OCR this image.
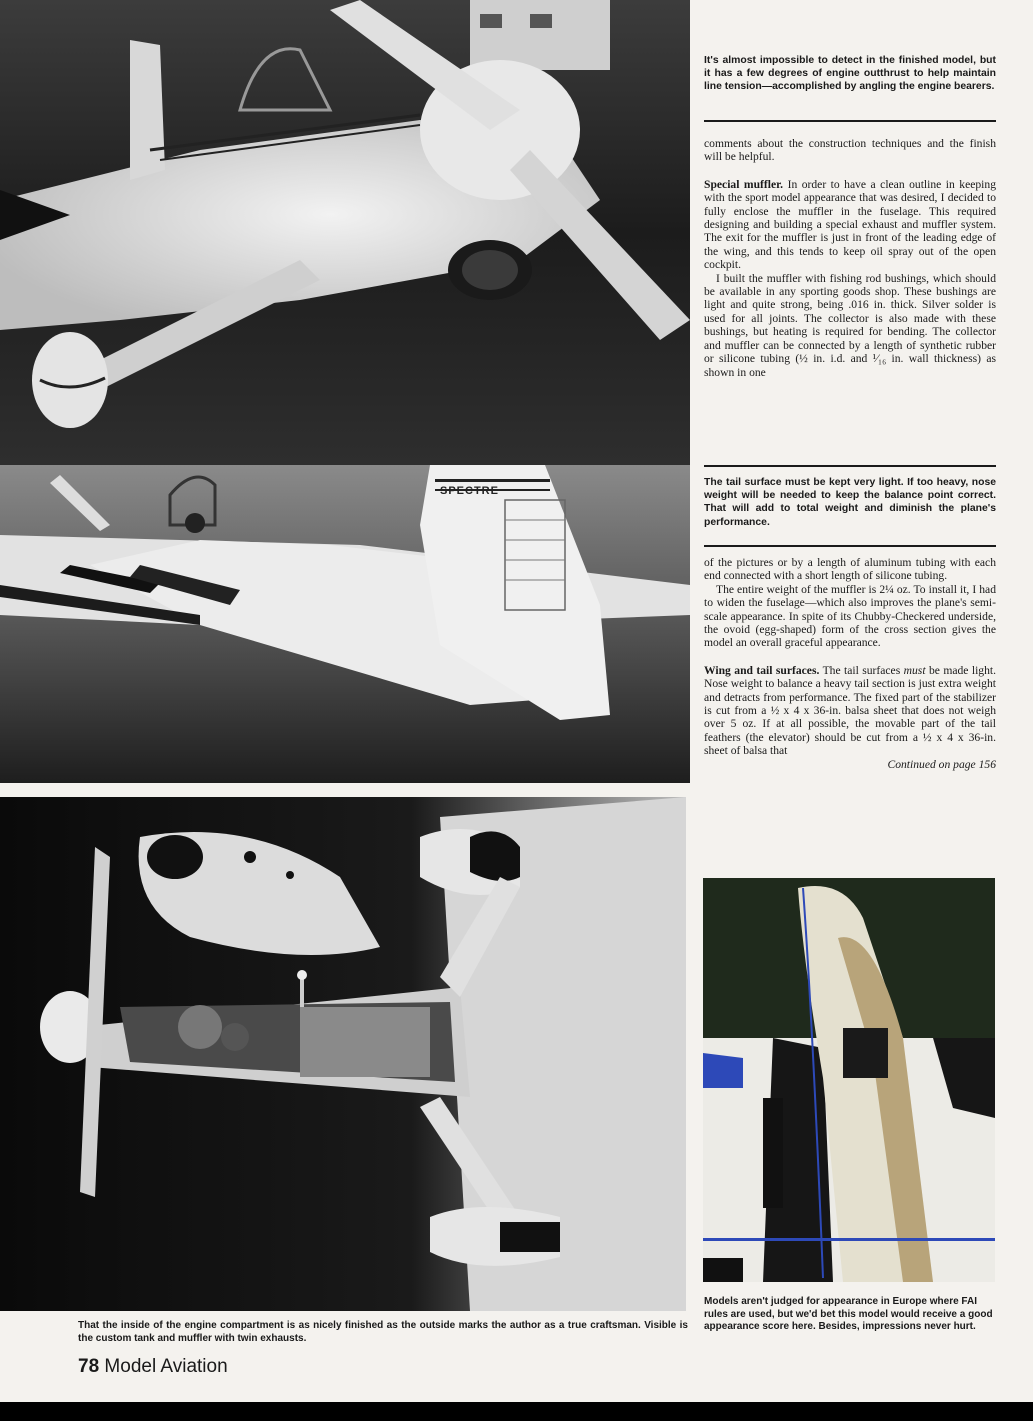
SPECTRE
It's almost impossible to detect in the finished model, but it has a few degrees of engine outthrust to help maintain line tension—accomplished by angling the engine bearers.

comments about the construction techniques and the finish will be helpful.

Special muffler. In order to have a clean outline in keeping with the sport model appearance that was desired, I decided to fully enclose the muffler in the fuselage. This required designing and building a special exhaust and muffler system. The exit for the muffler is just in front of the leading edge of the wing, and this tends to keep oil spray out of the open cockpit.

I built the muffler with fishing rod bushings, which should be available in any sporting goods shop. These bushings are light and quite strong, being .016 in. thick. Silver solder is used for all joints. The collector is also made with these bushings, but heating is required for bending. The collector and muffler can be connected by a length of synthetic rubber or silicone tubing (½ in. i.d. and ¹⁄₁₆ in. wall thickness) as shown in one

The tail surface must be kept very light. If too heavy, nose weight will be needed to keep the balance point correct. That will add to total weight and diminish the plane's performance.

of the pictures or by a length of aluminum tubing with each end connected with a short length of silicone tubing.

The entire weight of the muffler is 2¼ oz. To install it, I had to widen the fuselage—which also improves the plane's semi-scale appearance. In spite of its Chubby-Checkered underside, the ovoid (egg-shaped) form of the cross section gives the model an overall graceful appearance.

Wing and tail surfaces. The tail surfaces must be made light. Nose weight to balance a heavy tail section is just extra weight and detracts from performance. The fixed part of the stabilizer is cut from a ½ x 4 x 36-in. balsa sheet that does not weigh over 5 oz. If at all possible, the movable part of the tail feathers (the elevator) should be cut from a ½ x 4 x 36-in. sheet of balsa that

Continued on page 156

That the inside of the engine compartment is as nicely finished as the outside marks the author as a true craftsman. Visible is the custom tank and muffler with twin exhausts.
Models aren't judged for appearance in Europe where FAI rules are used, but we'd bet this model would receive a good appearance score here. Besides, impressions never hurt.
78 Model Aviation
